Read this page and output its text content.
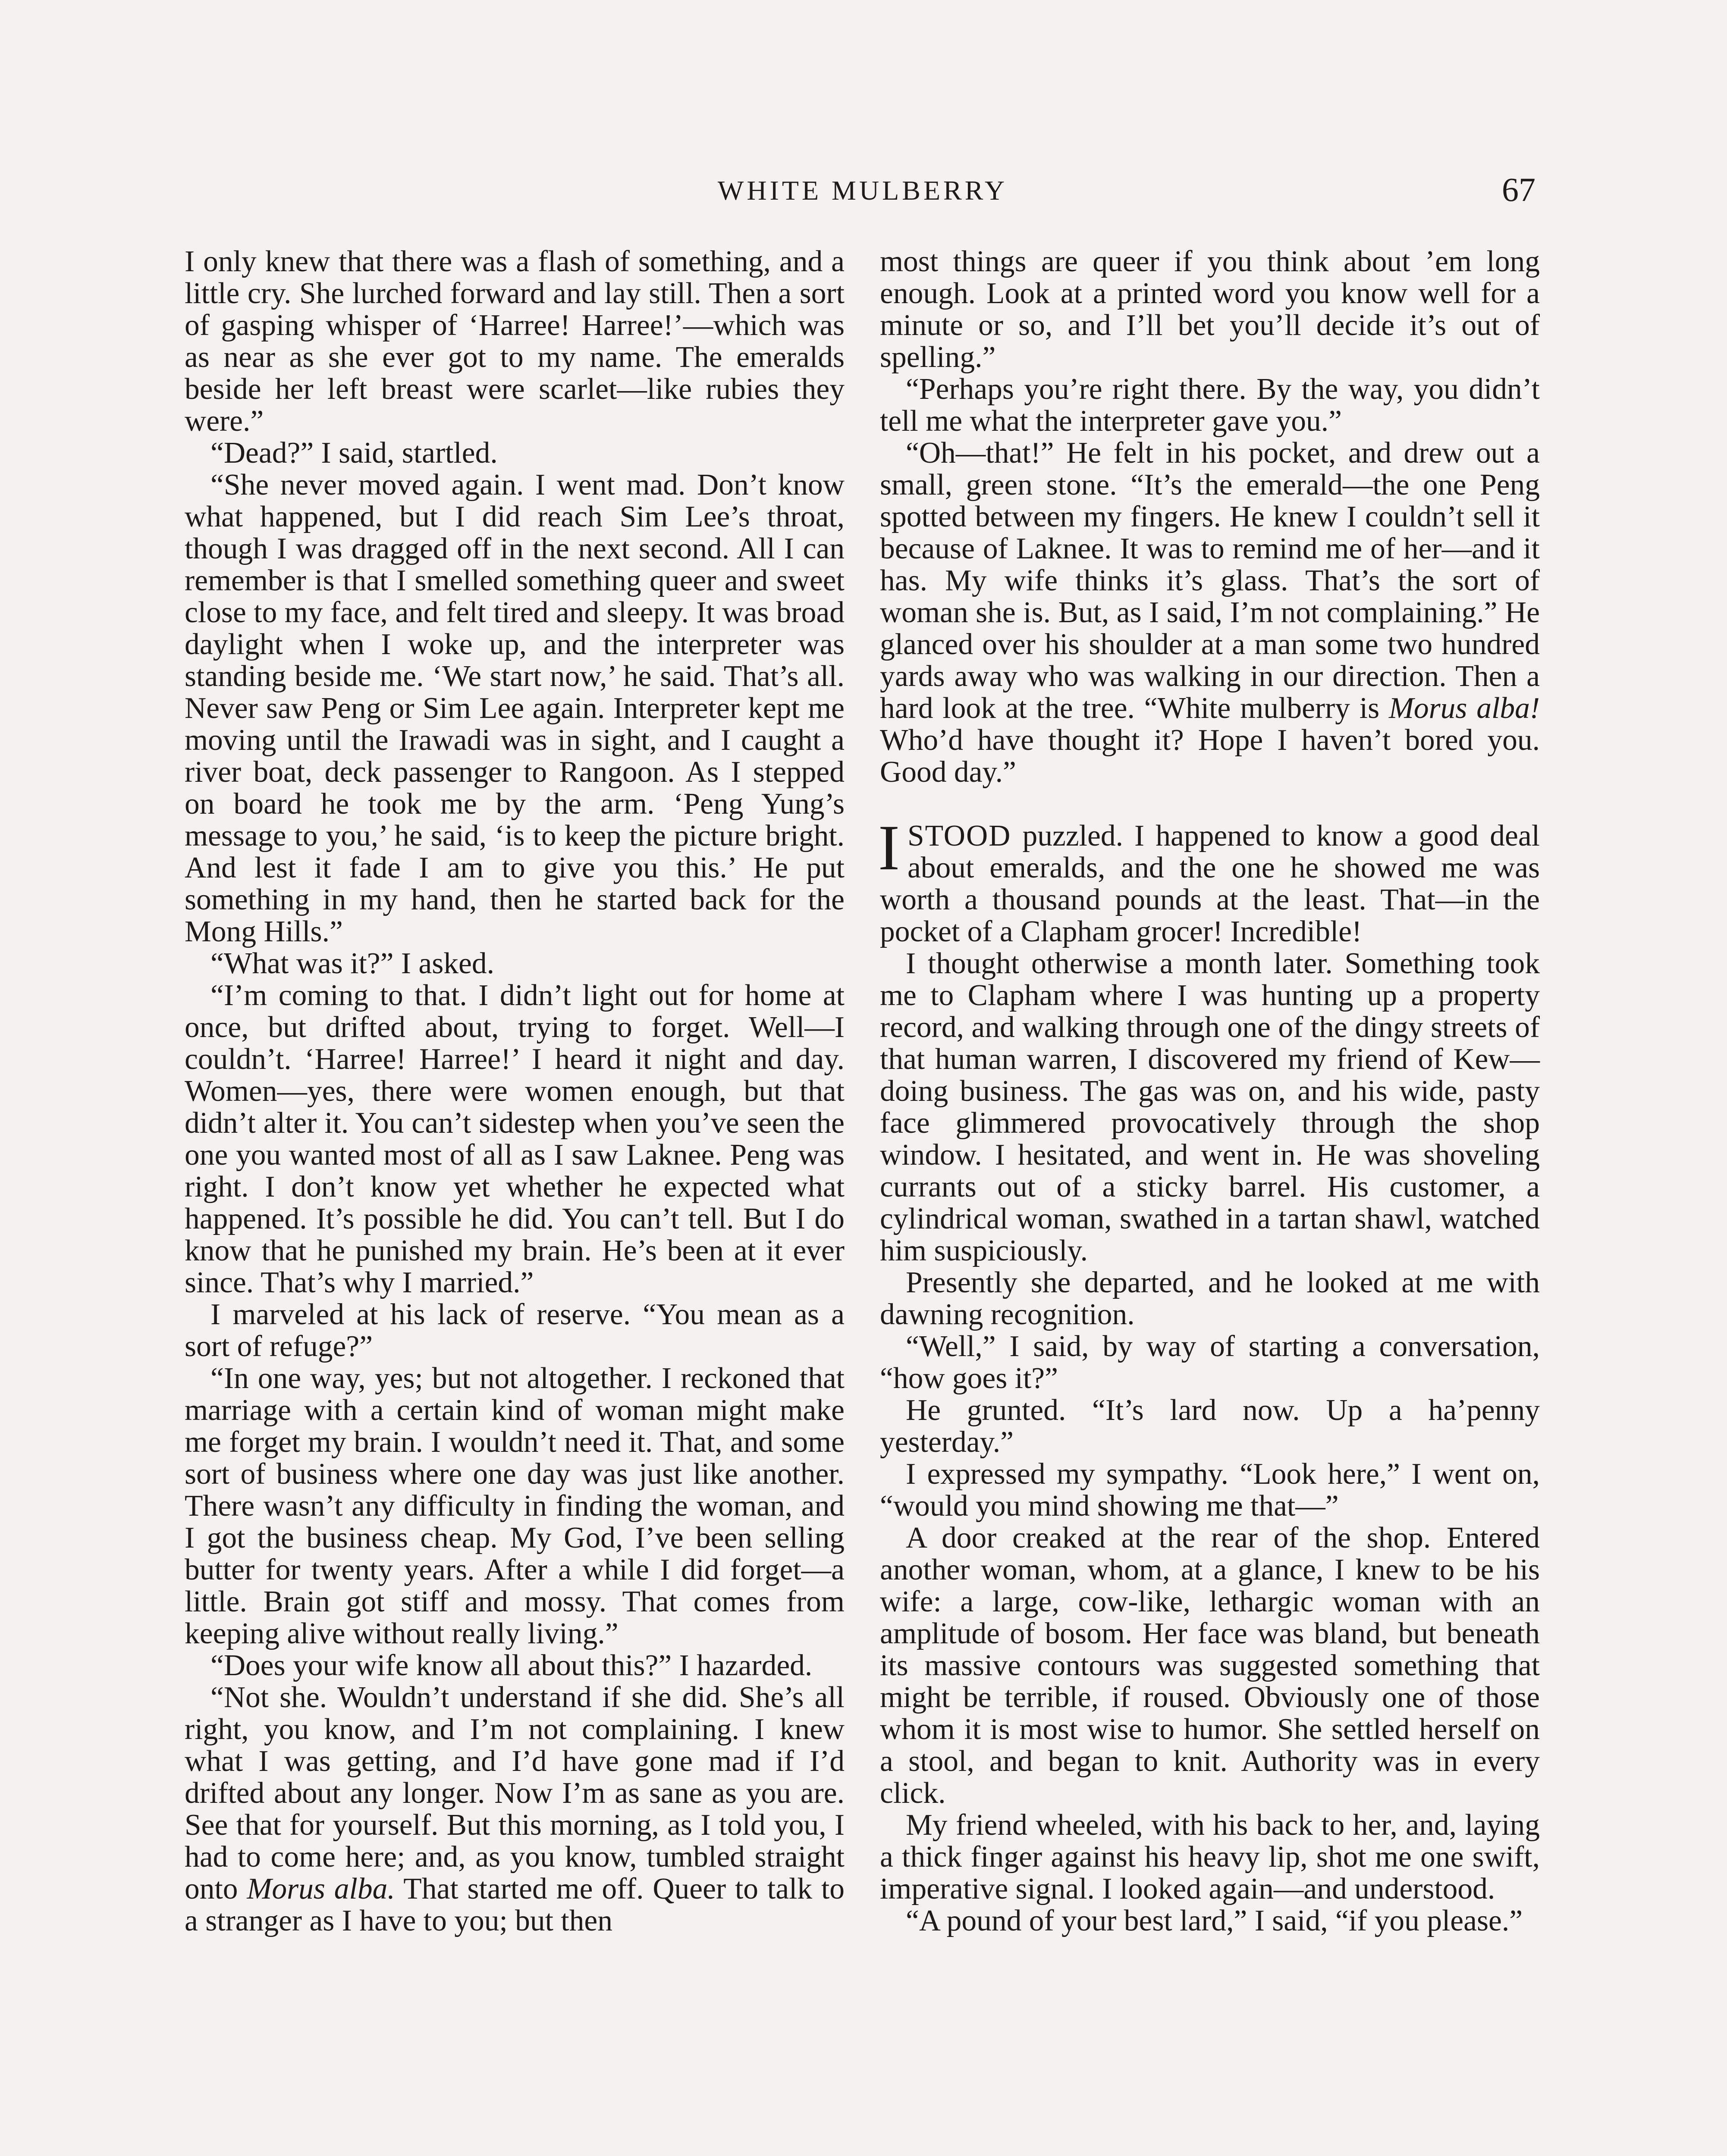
WHITE MULBERRY	67

I only knew that there was a flash of something, and a little cry. She lurched forward and lay still. Then a sort of gasping whisper of ‘Harree! Harree!’—which was as near as she ever got to my name. The emeralds beside her left breast were scarlet—like rubies they were.”

“Dead?” I said, startled.

“She never moved again. I went mad. Don’t know what happened, but I did reach Sim Lee’s throat, though I was dragged off in the next second. All I can remember is that I smelled something queer and sweet close to my face, and felt tired and sleepy. It was broad daylight when I woke up, and the interpreter was standing beside me. ‘We start now,’ he said. That’s all. Never saw Peng or Sim Lee again. Interpreter kept me moving until the Irawadi was in sight, and I caught a river boat, deck passenger to Rangoon. As I stepped on board he took me by the arm. ‘Peng Yung’s message to you,’ he said, ‘is to keep the picture bright. And lest it fade I am to give you this.’ He put something in my hand, then he started back for the Mong Hills.”

“What was it?” I asked.

“I’m coming to that. I didn’t light out for home at once, but drifted about, trying to forget. Well—I couldn’t. ‘Harree! Harree!’ I heard it night and day. Women—yes, there were women enough, but that didn’t alter it. You can’t sidestep when you’ve seen the one you wanted most of all as I saw Laknee. Peng was right. I don’t know yet whether he expected what happened. It’s possible he did. You can’t tell. But I do know that he punished my brain. He’s been at it ever since. That’s why I married.”

I marveled at his lack of reserve. “You mean as a sort of refuge?”

“In one way, yes; but not altogether. I reckoned that marriage with a certain kind of woman might make me forget my brain. I wouldn’t need it. That, and some sort of business where one day was just like another. There wasn’t any difficulty in finding the woman, and I got the business cheap. My God, I’ve been selling butter for twenty years. After a while I did forget—a little. Brain got stiff and mossy. That comes from keeping alive without really living.”

“Does your wife know all about this?” I hazarded.

“Not she. Wouldn’t understand if she did. She’s all right, you know, and I’m not complaining. I knew what I was getting, and I’d have gone mad if I’d drifted about any longer. Now I’m as sane as you are. See that for yourself. But this morning, as I told you, I had to come here; and, as you know, tumbled straight onto Morus alba. That started me off. Queer to talk to a stranger as I have to you; but then

most things are queer if you think about ’em long enough. Look at a printed word you know well for a minute or so, and I’ll bet you’ll decide it’s out of spelling.”

“Perhaps you’re right there. By the way, you didn’t tell me what the interpreter gave you.”

“Oh—that!” He felt in his pocket, and drew out a small, green stone. “It’s the emerald—the one Peng spotted between my fingers. He knew I couldn’t sell it because of Laknee. It was to remind me of her—and it has. My wife thinks it’s glass. That’s the sort of woman she is. But, as I said, I’m not complaining.” He glanced over his shoulder at a man some two hundred yards away who was walking in our direction. Then a hard look at the tree. “White mulberry is Morus alba! Who’d have thought it? Hope I haven’t bored you. Good day.”

I STOOD puzzled. I happened to know a good deal about emeralds, and the one he showed me was worth a thousand pounds at the least. That—in the pocket of a Clapham grocer! Incredible!

I thought otherwise a month later. Something took me to Clapham where I was hunting up a property record, and walking through one of the dingy streets of that human warren, I discovered my friend of Kew—doing business. The gas was on, and his wide, pasty face glimmered provocatively through the shop window. I hesitated, and went in. He was shoveling currants out of a sticky barrel. His customer, a cylindrical woman, swathed in a tartan shawl, watched him suspiciously.

Presently she departed, and he looked at me with dawning recognition.

“Well,” I said, by way of starting a conversation, “how goes it?”

He grunted. “It’s lard now. Up a ha’penny yesterday.”

I expressed my sympathy. “Look here,” I went on, “would you mind showing me that—”

A door creaked at the rear of the shop. Entered another woman, whom, at a glance, I knew to be his wife: a large, cow-like, lethargic woman with an amplitude of bosom. Her face was bland, but beneath its massive contours was suggested something that might be terrible, if roused. Obviously one of those whom it is most wise to humor. She settled herself on a stool, and began to knit. Authority was in every click.

My friend wheeled, with his back to her, and, laying a thick finger against his heavy lip, shot me one swift, imperative signal. I looked again—and understood.

“A pound of your best lard,” I said, “if you please.”
